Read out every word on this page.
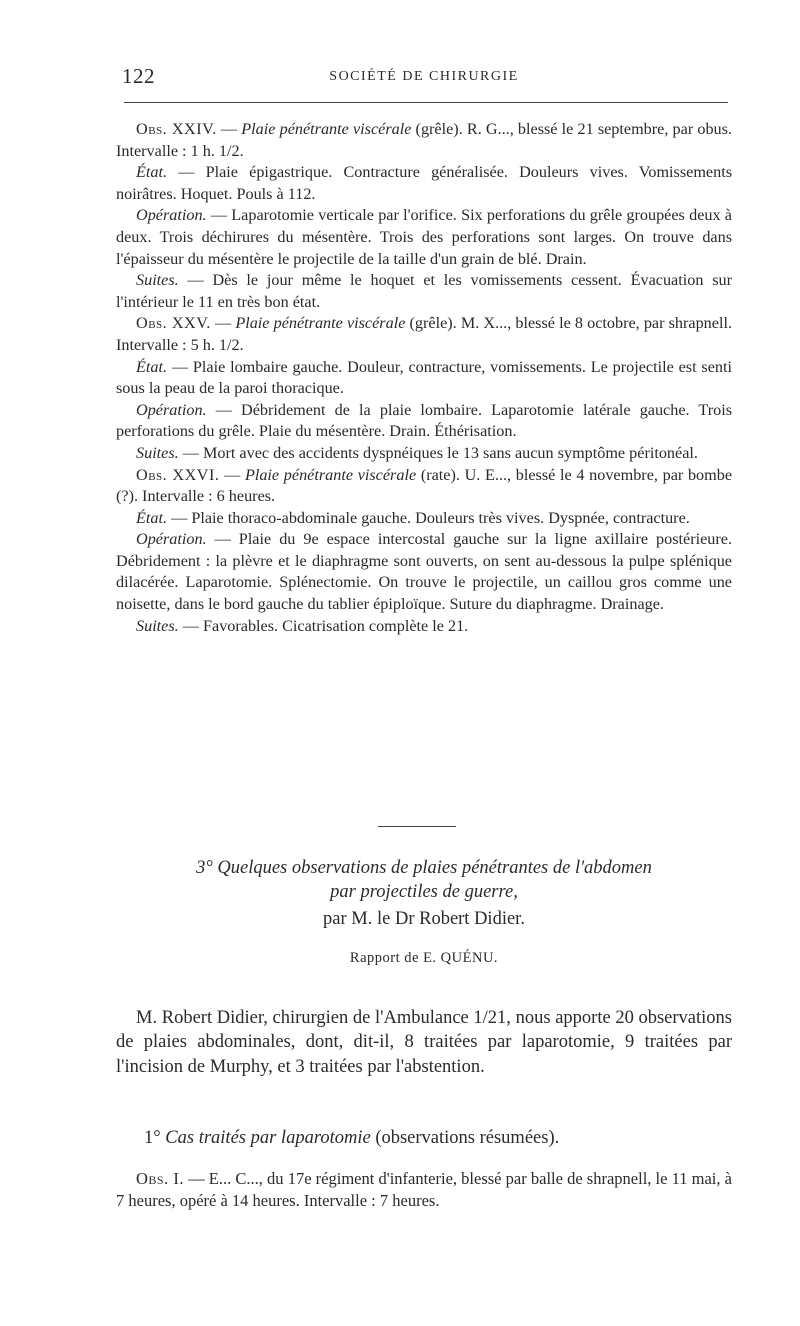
122	SOCIÉTÉ DE CHIRURGIE

Obs. XXIV. — Plaie pénétrante viscérale (grêle). R. G..., blessé le 21 septembre, par obus. Intervalle : 1 h. 1/2.

État. — Plaie épigastrique. Contracture généralisée. Douleurs vives. Vomissements noirâtres. Hoquet. Pouls à 112.

Opération. — Laparotomie verticale par l'orifice. Six perforations du grêle groupées deux à deux. Trois déchirures du mésentère. Trois des perforations sont larges. On trouve dans l'épaisseur du mésentère le projectile de la taille d'un grain de blé. Drain.

Suites. — Dès le jour même le hoquet et les vomissements cessent. Évacuation sur l'intérieur le 11 en très bon état.

Obs. XXV. — Plaie pénétrante viscérale (grêle). M. X..., blessé le 8 octobre, par shrapnell. Intervalle : 5 h. 1/2.

État. — Plaie lombaire gauche. Douleur, contracture, vomissements. Le projectile est senti sous la peau de la paroi thoracique.

Opération. — Débridement de la plaie lombaire. Laparotomie latérale gauche. Trois perforations du grêle. Plaie du mésentère. Drain. Éthérisation.

Suites. — Mort avec des accidents dyspnéiques le 13 sans aucun symptôme péritonéal.

Obs. XXVI. — Plaie pénétrante viscérale (rate). U. E..., blessé le 4 novembre, par bombe (?). Intervalle : 6 heures.

État. — Plaie thoraco-abdominale gauche. Douleurs très vives. Dyspnée, contracture.

Opération. — Plaie du 9e espace intercostal gauche sur la ligne axillaire postérieure. Débridement : la plèvre et le diaphragme sont ouverts, on sent au-dessous la pulpe splénique dilacérée. Laparotomie. Splénectomie. On trouve le projectile, un caillou gros comme une noisette, dans le bord gauche du tablier épiploïque. Suture du diaphragme. Drainage.

Suites. — Favorables. Cicatrisation complète le 21.

3° Quelques observations de plaies pénétrantes de l'abdomen
par projectiles de guerre,
par M. le Dr Robert Didier.
Rapport de E. QUÉNU.

M. Robert Didier, chirurgien de l'Ambulance 1/21, nous apporte 20 observations de plaies abdominales, dont, dit-il, 8 traitées par laparotomie, 9 traitées par l'incision de Murphy, et 3 traitées par l'abstention.

1° Cas traités par laparotomie (observations résumées).

Obs. I. — E... C..., du 17e régiment d'infanterie, blessé par balle de shrapnell, le 11 mai, à 7 heures, opéré à 14 heures. Intervalle : 7 heures.
